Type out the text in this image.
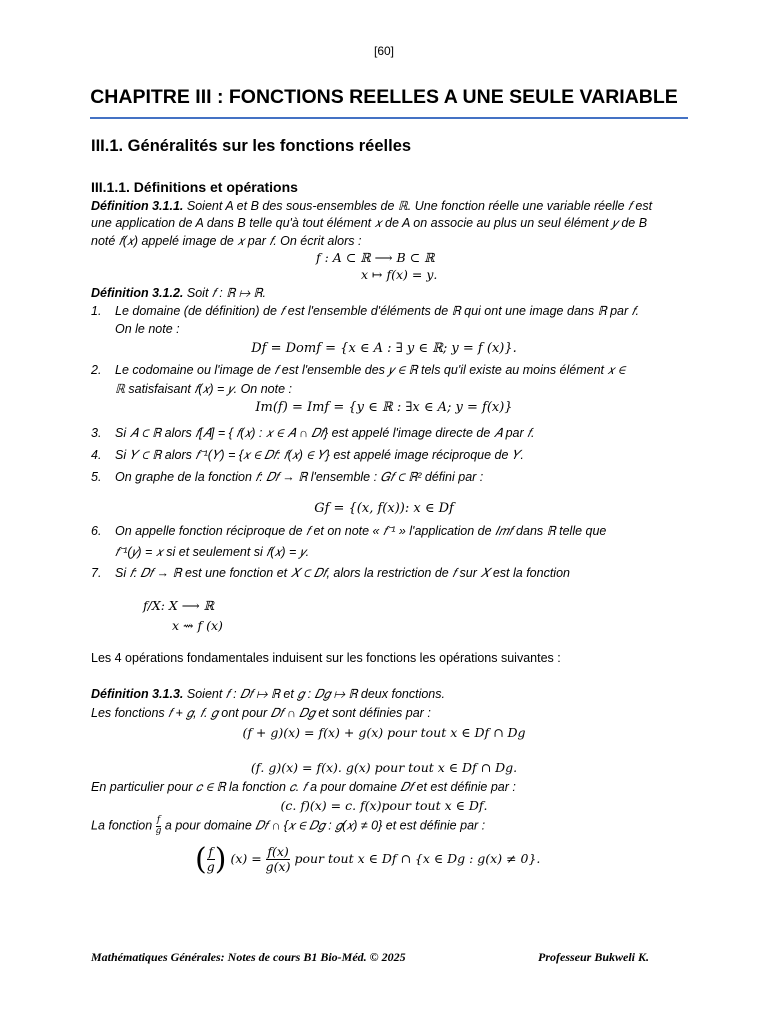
[60]
CHAPITRE III : FONCTIONS REELLES A UNE SEULE VARIABLE
III.1. Généralités sur les fonctions réelles
III.1.1. Définitions et opérations
Définition 3.1.1. Soient A et B des sous-ensembles de ℝ. Une fonction réelle une variable réelle 𝑓 est
une application de A dans B telle qu'à tout élément 𝑥 de A on associe au plus un seul élément 𝑦 de B
noté 𝑓(𝑥) appelé image de 𝑥 par 𝑓. On écrit alors :
𝑓 : 𝐴 ⊂ ℝ ⟶ 𝐵 ⊂ ℝ
𝑥 ↦ 𝑓(𝑥) = 𝑦.
Définition 3.1.2. Soit 𝑓 : ℝ ↦ ℝ.
1. Le domaine (de définition) de 𝑓 est l'ensemble d'éléments de ℝ qui ont une image dans ℝ par 𝑓.
On le note :
𝐷𝑓 = 𝐷𝑜𝑚𝑓 = {𝑥 ∈ 𝐴 : ∃ 𝑦 ∈ ℝ; 𝑦 = 𝑓 (𝑥)}.
2. Le codomaine ou l'image de 𝑓 est l'ensemble des 𝑦 ∈ ℝ tels qu'il existe au moins élément 𝑥 ∈
ℝ satisfaisant 𝑓(𝑥) = 𝑦. On note :
𝐼𝑚(𝑓) = 𝐼𝑚𝑓 = {𝑦 ∈ ℝ : ∃𝑥 ∈ 𝐴; 𝑦 = 𝑓(𝑥)}
3. Si 𝐴 ⊂ ℝ alors 𝑓[𝐴] = { 𝑓(𝑥) : 𝑥 ∈ 𝐴 ∩ 𝐷𝑓} est appelé l'image directe de 𝐴 par 𝑓.
4. Si 𝑌 ⊂ ℝ alors 𝑓⁻¹(𝑌) = {𝑥 ∈ 𝐷𝑓: 𝑓(𝑥) ∈ 𝑌} est appelé image réciproque de 𝑌.
5. On graphe de la fonction 𝑓: 𝐷𝑓 → ℝ l'ensemble : 𝐺𝑓 ⊂ ℝ² défini par :
𝐺𝑓 = {(𝑥, 𝑓(𝑥)): 𝑥 ∈ 𝐷𝑓
6. On appelle fonction réciproque de 𝑓 et on note « 𝑓⁻¹ » l'application de 𝐼𝑚𝑓 dans ℝ telle que
𝑓⁻¹(𝑦) = 𝑥 si et seulement si 𝑓(𝑥) = 𝑦.
7. Si 𝑓: 𝐷𝑓 → ℝ est une fonction et 𝑋 ⊂ 𝐷𝑓, alors la restriction de 𝑓 sur 𝑋 est la fonction
𝑓/𝑋: 𝑋 ⟶ ℝ
𝑥 ⇝ 𝑓 (𝑥)
Les 4 opérations fondamentales induisent sur les fonctions les opérations suivantes :
Définition 3.1.3. Soient 𝑓 : 𝐷𝑓 ↦ ℝ et 𝑔 : 𝐷𝑔 ↦ ℝ deux fonctions.
Les fonctions 𝑓 + 𝑔, 𝑓. 𝑔 ont pour 𝐷𝑓 ∩ 𝐷𝑔 et sont définies par :
(𝑓 + 𝑔)(𝑥) = 𝑓(𝑥) + 𝑔(𝑥) 𝑝𝑜𝑢𝑟 𝑡𝑜𝑢𝑡 𝑥 ∈ 𝐷𝑓 ∩ 𝐷𝑔
(𝑓. 𝑔)(𝑥) = 𝑓(𝑥). 𝑔(𝑥) 𝑝𝑜𝑢𝑟 𝑡𝑜𝑢𝑡 𝑥 ∈ 𝐷𝑓 ∩ 𝐷𝑔.
En particulier pour 𝑐 ∈ ℝ la fonction 𝑐. 𝑓 a pour domaine 𝐷𝑓 et est définie par :
(𝑐. 𝑓)(𝑥) = 𝑐. 𝑓(𝑥)𝑝𝑜𝑢𝑟 𝑡𝑜𝑢𝑡 𝑥 ∈ 𝐷𝑓.
La fonction $\frac{\text{𝑓}}{\text{𝑔}}$ a pour domaine 𝐷𝑓 ∩ {𝑥 ∈ 𝐷𝑔 : 𝑔(𝑥) ≠ 0} et est définie par :
( $\frac{\text{𝑓}}{\text{𝑔}}$ ) (𝑥) = $\frac{\text{𝑓(𝑥)}}{\text{𝑔(𝑥)}}$ 𝑝𝑜𝑢𝑟 𝑡𝑜𝑢𝑡 𝑥 ∈ 𝐷𝑓 ∩ {𝑥 ∈ 𝐷𝑔 : 𝑔(𝑥) ≠ 0}.
Mathématiques Générales: Notes de cours B1 Bio-Méd. © 2025	Professeur Bukweli K.
